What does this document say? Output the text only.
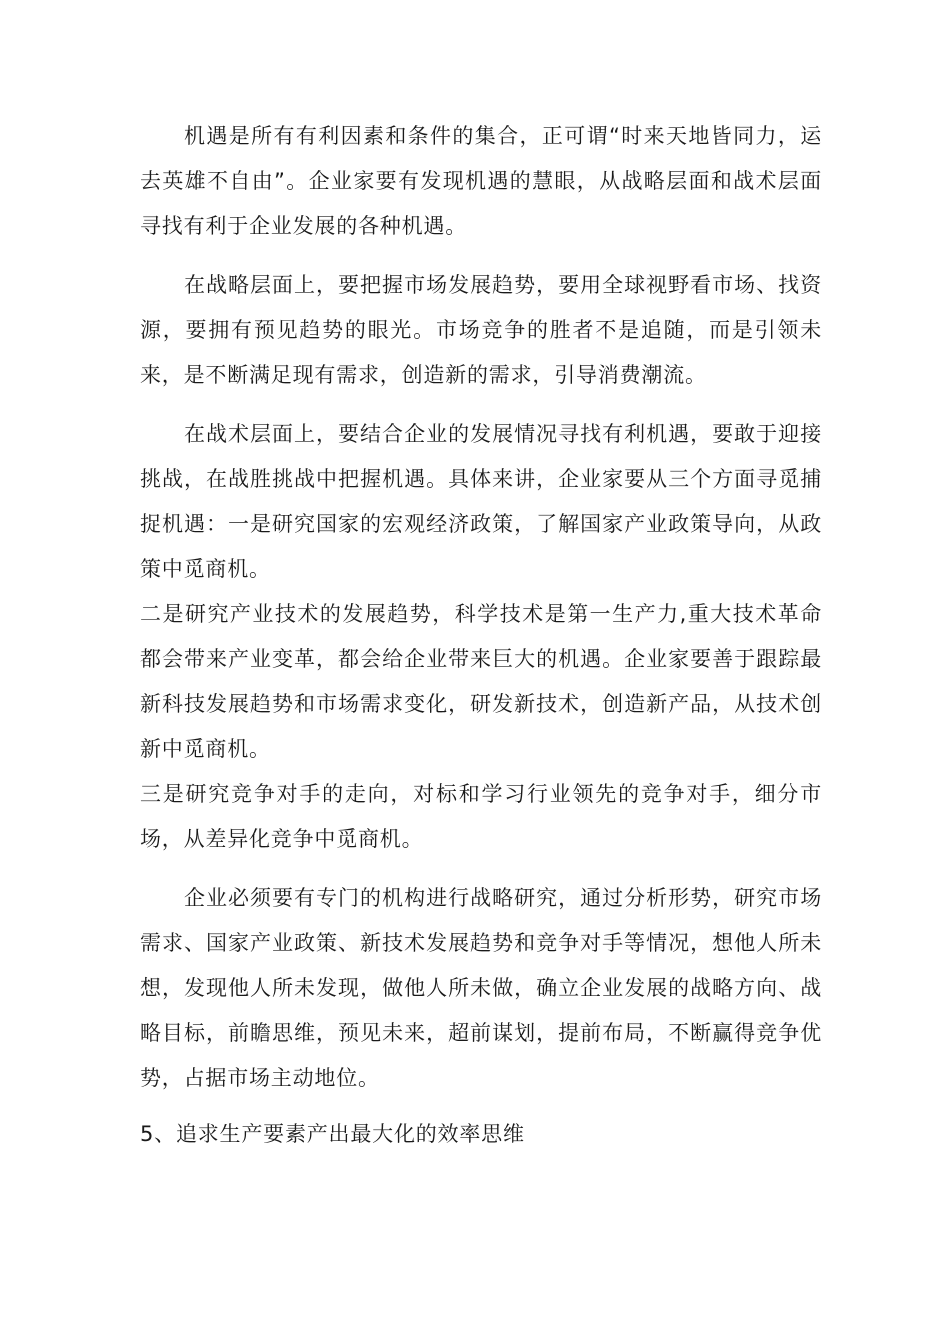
机遇是所有有利因素和条件的集合，正可谓“时来天地皆同力，运去英雄不自由”。企业家要有发现机遇的慧眼，从战略层面和战术层面寻找有利于企业发展的各种机遇。

在战略层面上，要把握市场发展趋势，要用全球视野看市场、找资源，要拥有预见趋势的眼光。市场竞争的胜者不是追随，而是引领未来，是不断满足现有需求，创造新的需求，引导消费潮流。

在战术层面上，要结合企业的发展情况寻找有利机遇，要敢于迎接挑战，在战胜挑战中把握机遇。具体来讲，企业家要从三个方面寻觅捕捉机遇：一是研究国家的宏观经济政策，了解国家产业政策导向，从政策中觅商机。

二是研究产业技术的发展趋势，科学技术是第一生产力,重大技术革命都会带来产业变革，都会给企业带来巨大的机遇。企业家要善于跟踪最新科技发展趋势和市场需求变化，研发新技术，创造新产品，从技术创新中觅商机。

三是研究竞争对手的走向，对标和学习行业领先的竞争对手，细分市场，从差异化竞争中觅商机。

企业必须要有专门的机构进行战略研究，通过分析形势，研究市场需求、国家产业政策、新技术发展趋势和竞争对手等情况，想他人所未想，发现他人所未发现，做他人所未做，确立企业发展的战略方向、战略目标，前瞻思维，预见未来，超前谋划，提前布局，不断赢得竞争优势，占据市场主动地位。

5、追求生产要素产出最大化的效率思维
